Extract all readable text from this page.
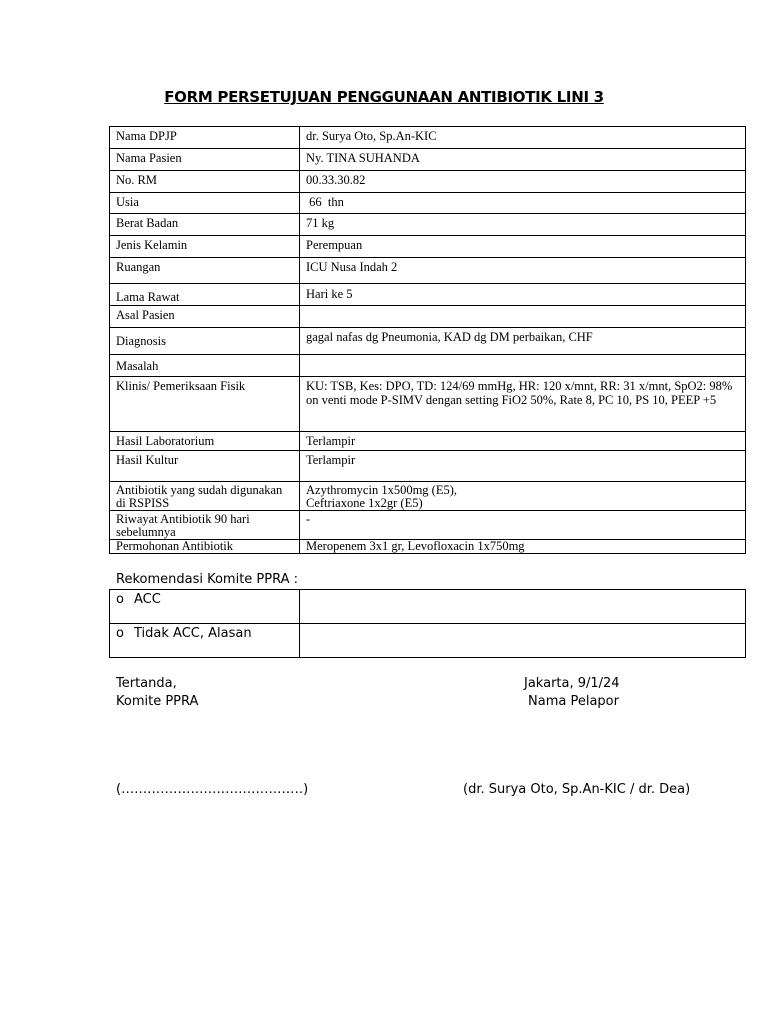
FORM PERSETUJUAN PENGGUNAAN ANTIBIOTIK LINI 3
Nama DPJP	dr. Surya Oto, Sp.An-KIC
Nama Pasien	Ny. TINA SUHANDA
No. RM	00.33.30.82
Usia	66  thn
Berat Badan	71 kg
Jenis Kelamin	Perempuan
Ruangan	ICU Nusa Indah 2
Lama Rawat	Hari ke 5
Asal Pasien	
Diagnosis	gagal nafas dg Pneumonia, KAD dg DM perbaikan, CHF
Masalah	
Klinis/ Pemeriksaan Fisik	KU: TSB, Kes: DPO, TD: 124/69 mmHg, HR: 120 x/mnt, RR: 31 x/mnt, SpO2: 98% on venti mode P-SIMV dengan setting FiO2 50%, Rate 8, PC 10, PS 10, PEEP +5
Hasil Laboratorium	Terlampir
Hasil Kultur	Terlampir
Antibiotik yang sudah digunakan di RSPISS	Azythromycin 1x500mg (E5),
Ceftriaxone 1x2gr (E5)

Riwayat Antibiotik 90 hari sebelumnya	-
Permohonan Antibiotik	Meropenem 3x1 gr, Levofloxacin 1x750mg
Rekomendasi Komite PPRA :
o ACC	
o Tidak ACC, Alasan	
Tertanda,
Komite PPRA
Jakarta, 9/1/24
Nama Pelapor
(……………………………………)	(dr. Surya Oto, Sp.An-KIC / dr. Dea)
